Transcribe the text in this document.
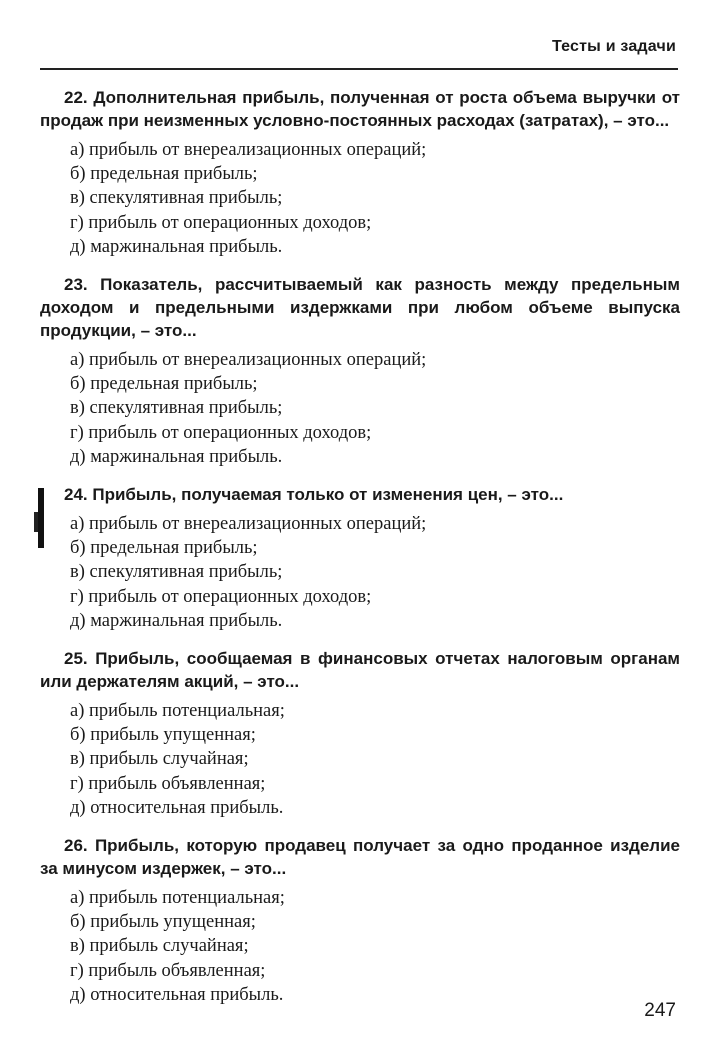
Тесты и задачи

22. Дополнительная прибыль, полученная от роста объема выручки от продаж при неизменных условно-постоянных расходах (затратах), – это...

а) прибыль от внереализационных операций;
б) предельная прибыль;
в) спекулятивная прибыль;
г) прибыль от операционных доходов;
д) маржинальная прибыль.

23. Показатель, рассчитываемый как разность между предельным доходом и предельными издержками при любом объеме выпуска продукции, – это...

а) прибыль от внереализационных операций;
б) предельная прибыль;
в) спекулятивная прибыль;
г) прибыль от операционных доходов;
д) маржинальная прибыль.

24. Прибыль, получаемая только от изменения цен, – это...

а) прибыль от внереализационных операций;
б) предельная прибыль;
в) спекулятивная прибыль;
г) прибыль от операционных доходов;
д) маржинальная прибыль.

25. Прибыль, сообщаемая в финансовых отчетах налоговым органам или держателям акций, – это...

а) прибыль потенциальная;
б) прибыль упущенная;
в) прибыль случайная;
г) прибыль объявленная;
д) относительная прибыль.

26. Прибыль, которую продавец получает за одно проданное изделие за минусом издержек, – это...

а) прибыль потенциальная;
б) прибыль упущенная;
в) прибыль случайная;
г) прибыль объявленная;
д) относительная прибыль.
247
